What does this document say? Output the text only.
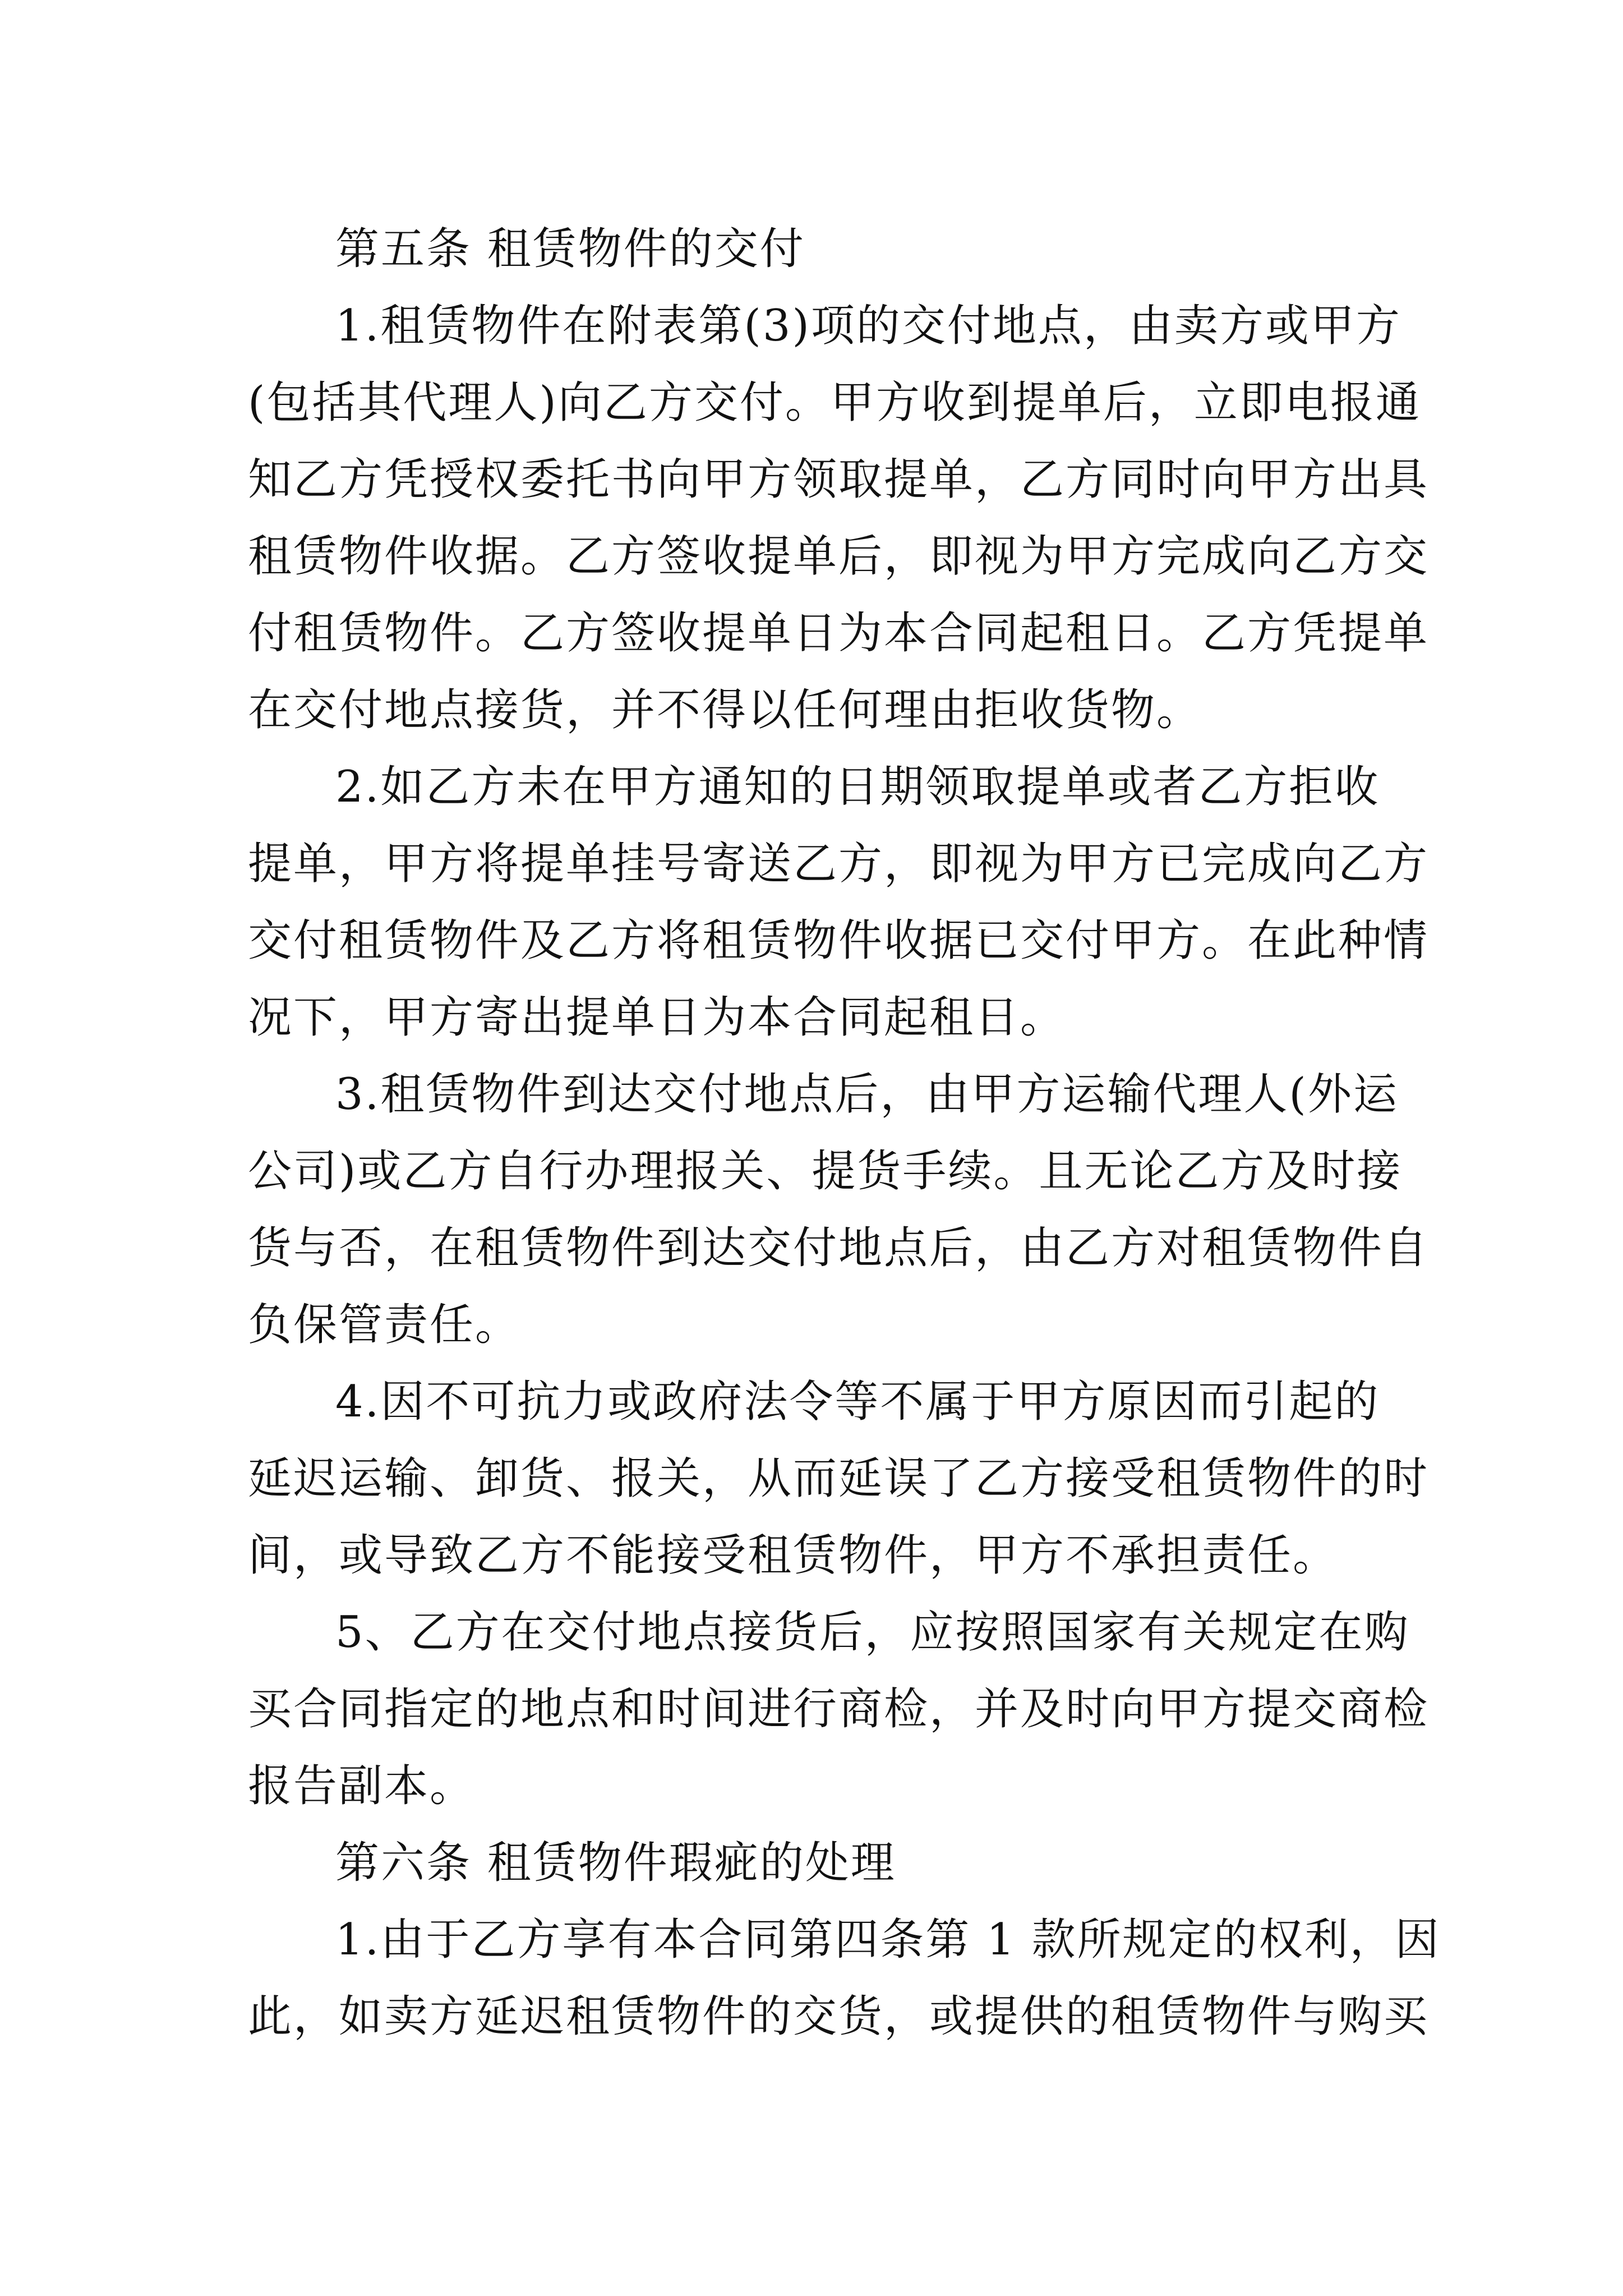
第五条 租赁物件的交付
1.租赁物件在附表第(3)项的交付地点，由卖方或甲方
(包括其代理人)向乙方交付。甲方收到提单后，立即电报通
知乙方凭授权委托书向甲方领取提单，乙方同时向甲方出具
租赁物件收据。乙方签收提单后，即视为甲方完成向乙方交
付租赁物件。乙方签收提单日为本合同起租日。乙方凭提单
在交付地点接货，并不得以任何理由拒收货物。
2.如乙方未在甲方通知的日期领取提单或者乙方拒收
提单，甲方将提单挂号寄送乙方，即视为甲方已完成向乙方
交付租赁物件及乙方将租赁物件收据已交付甲方。在此种情
况下，甲方寄出提单日为本合同起租日。
3.租赁物件到达交付地点后，由甲方运输代理人(外运
公司)或乙方自行办理报关、提货手续。且无论乙方及时接
货与否，在租赁物件到达交付地点后，由乙方对租赁物件自
负保管责任。
4.因不可抗力或政府法令等不属于甲方原因而引起的
延迟运输、卸货、报关，从而延误了乙方接受租赁物件的时
间，或导致乙方不能接受租赁物件，甲方不承担责任。
5、乙方在交付地点接货后，应按照国家有关规定在购
买合同指定的地点和时间进行商检，并及时向甲方提交商检
报告副本。
第六条 租赁物件瑕疵的处理
1.由于乙方享有本合同第四条第 1 款所规定的权利，因
此，如卖方延迟租赁物件的交货，或提供的租赁物件与购买
